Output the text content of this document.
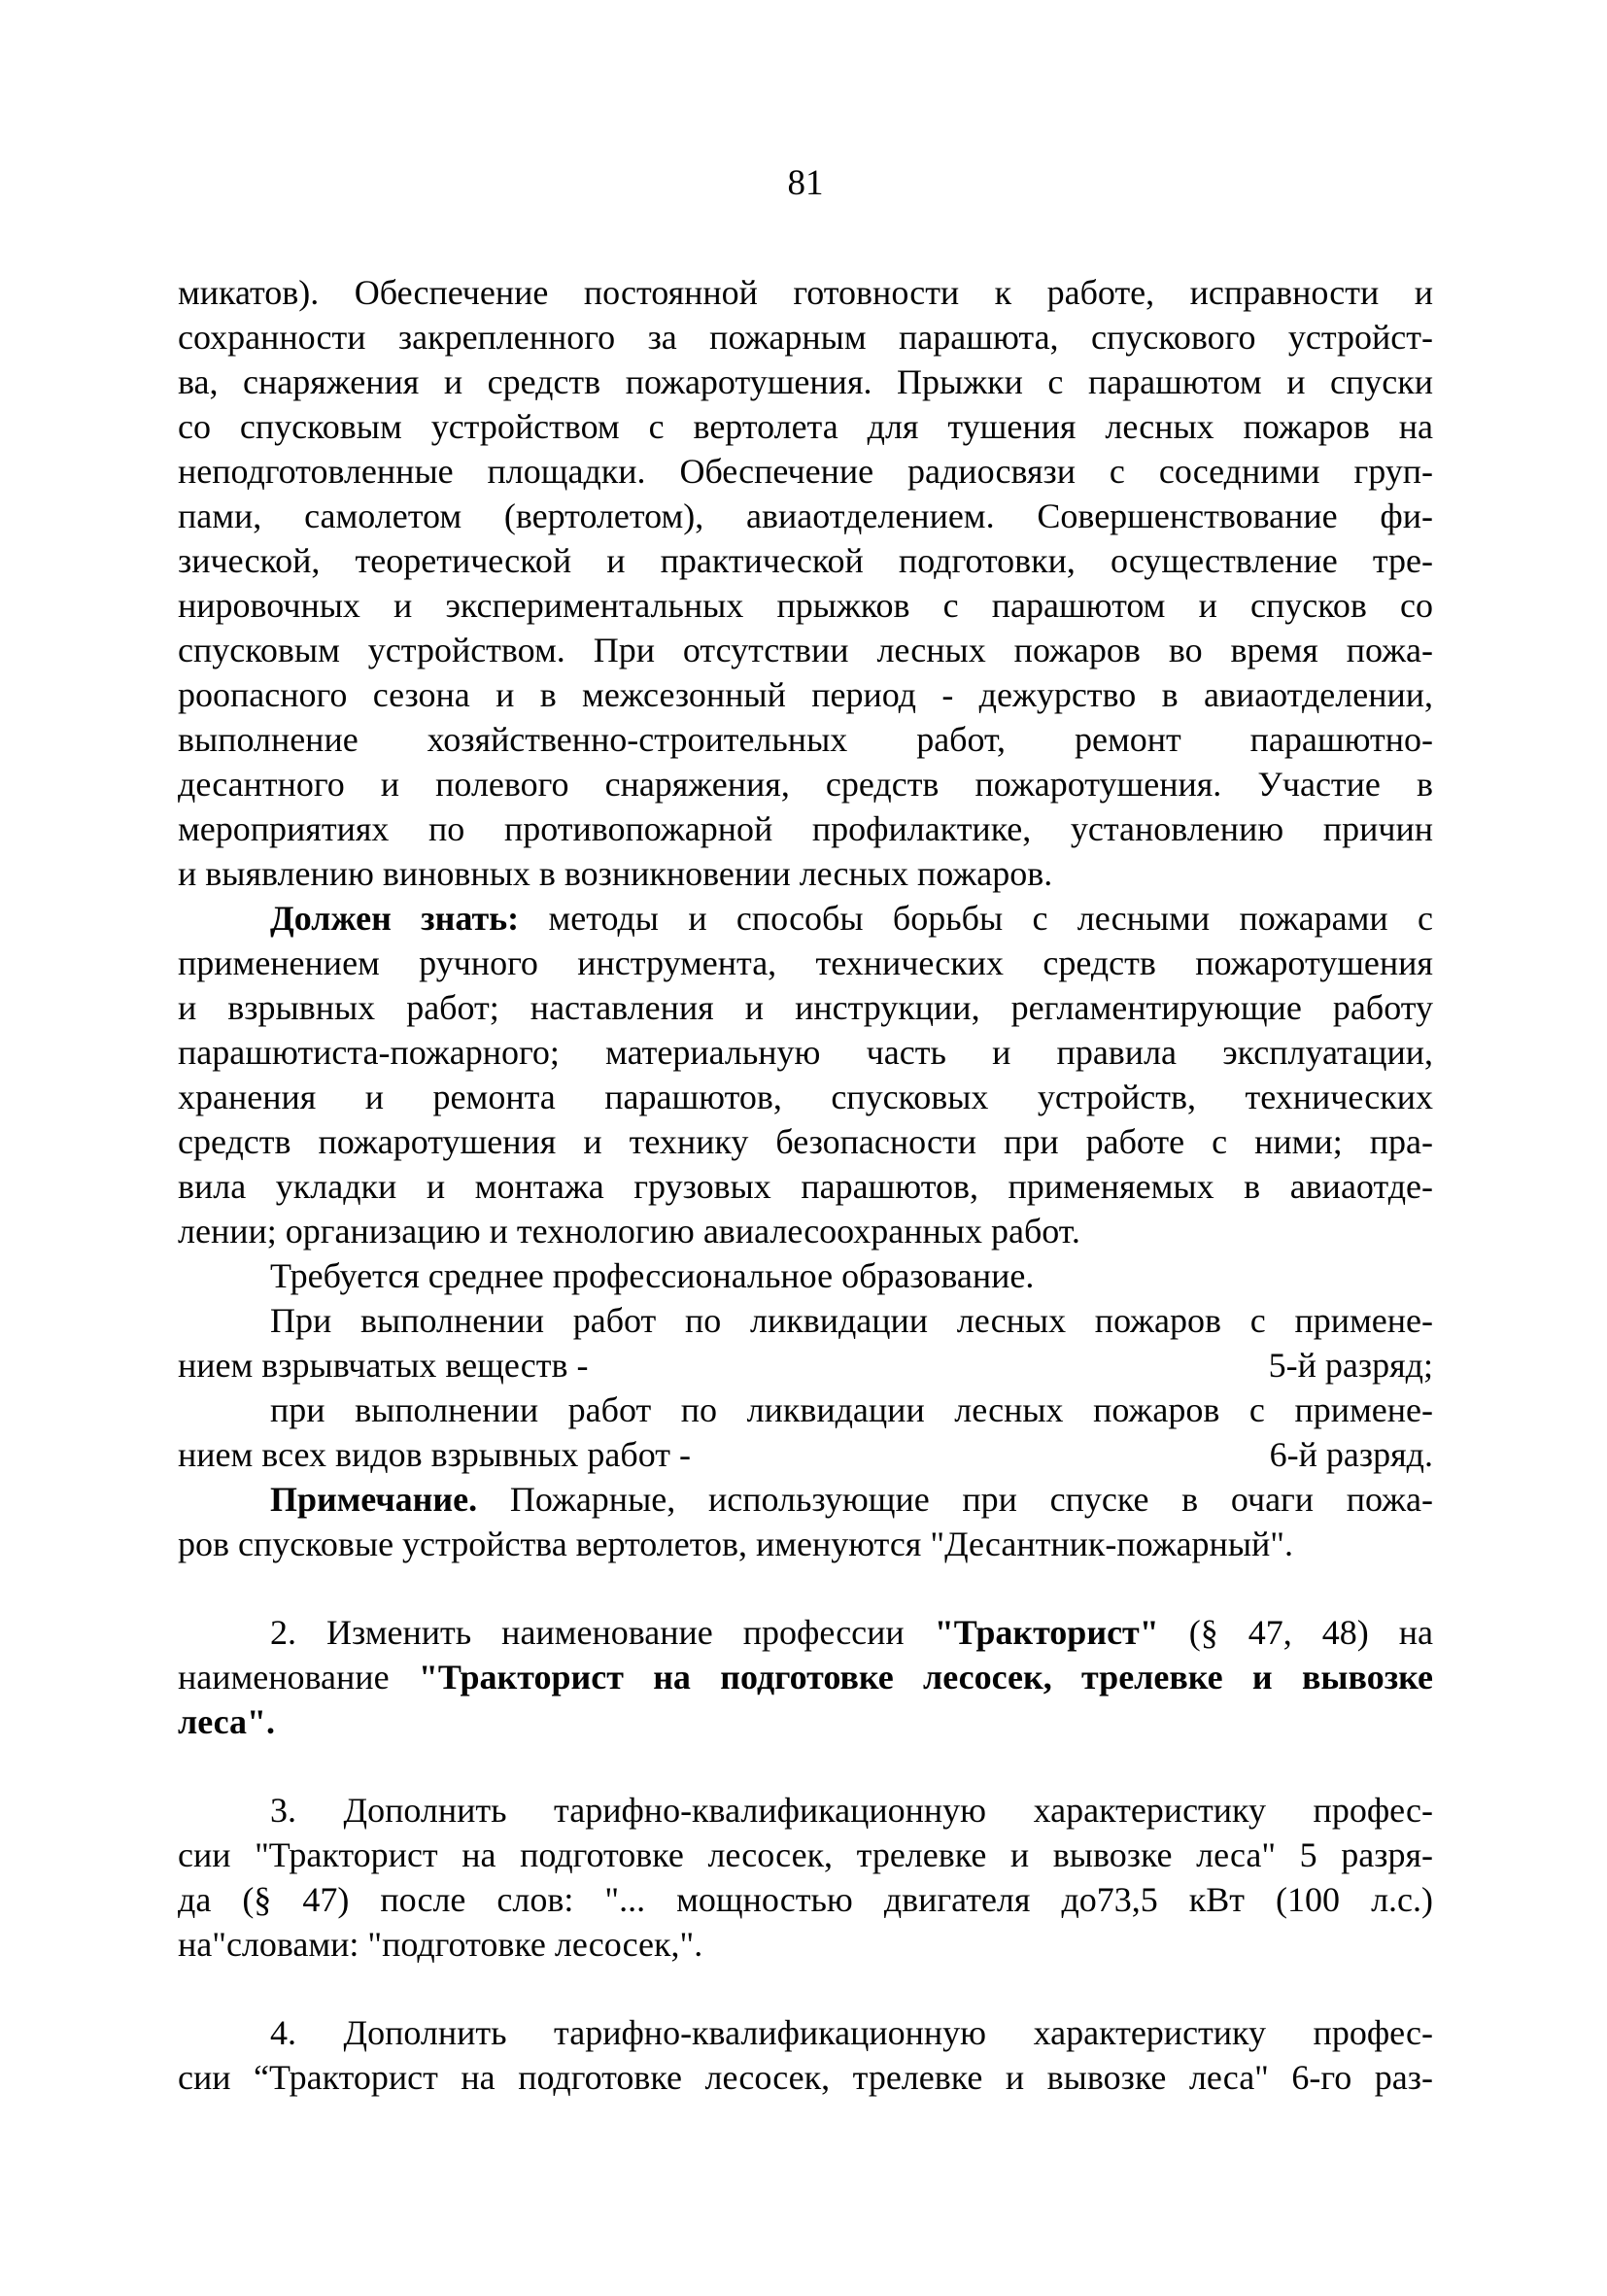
81
микатов). Обеспечение постоянной готовности к работе, исправности и
сохранности закрепленного за пожарным парашюта, спускового устройст-
ва, снаряжения и средств пожаротушения. Прыжки с парашютом и спуски
со спусковым устройством с вертолета для тушения лесных пожаров на
неподготовленные площадки. Обеспечение радиосвязи с соседними груп-
пами, самолетом (вертолетом), авиаотделением. Совершенствование фи-
зической, теоретической и практической подготовки, осуществление тре-
нировочных и экспериментальных прыжков с парашютом и спусков со
спусковым устройством. При отсутствии лесных пожаров во время пожа-
роопасного сезона и в межсезонный период - дежурство в авиаотделении,
выполнение хозяйственно-строительных работ, ремонт парашютно-
десантного и полевого снаряжения, средств пожаротушения. Участие в
мероприятиях по противопожарной профилактике, установлению причин
и выявлению виновных в возникновении лесных пожаров.
Должен знать: методы и способы борьбы с лесными пожарами с
применением ручного инструмента, технических средств пожаротушения
и взрывных работ; наставления и инструкции, регламентирующие работу
парашютиста-пожарного; материальную часть и правила эксплуатации,
хранения и ремонта парашютов, спусковых устройств, технических
средств пожаротушения и технику безопасности при работе с ними; пра-
вила укладки и монтажа грузовых парашютов, применяемых в авиаотде-
лении; организацию и технологию авиалесоохранных работ.
Требуется среднее профессиональное образование.
При выполнении работ по ликвидации лесных пожаров с примене-
нием взрывчатых веществ -	5-й разряд;
при выполнении работ по ликвидации лесных пожаров с примене-
нием всех видов взрывных работ -	6-й разряд.
Примечание. Пожарные, использующие при спуске в очаги пожа-
ров спусковые устройства вертолетов, именуются "Десантник-пожарный".
2. Изменить наименование профессии "Тракторист" (§ 47, 48) на
наименование "Тракторист на подготовке лесосек, трелевке и вывозке
леса".
3. Дополнить тарифно-квалификационную характеристику профес-
сии "Тракторист на подготовке лесосек, трелевке и вывозке леса" 5 разря-
да (§ 47) после слов: "... мощностью двигателя до73,5 кВт (100 л.с.)
на"словами: "подготовке лесосек,".
4. Дополнить тарифно-квалификационную характеристику профес-
сии “Тракторист на подготовке лесосек, трелевке и вывозке леса" 6-го раз-
